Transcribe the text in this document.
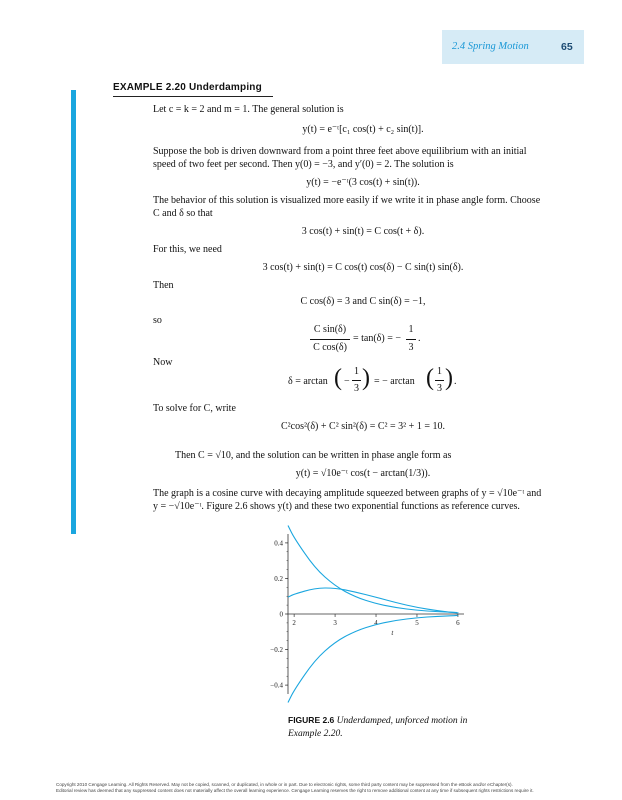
2.4 Spring Motion	65
EXAMPLE 2.20 Underdamping
Let c = k = 2 and m = 1. The general solution is
y(t) = e⁻ᵗ[c₁ cos(t) + c₂ sin(t)].
Suppose the bob is driven downward from a point three feet above equilibrium with an initial
speed of two feet per second. Then y(0) = −3, and y′(0) = 2. The solution is
y(t) = −e⁻ᵗ(3 cos(t) + sin(t)).
The behavior of this solution is visualized more easily if we write it in phase angle form. Choose
C and δ so that
3 cos(t) + sin(t) = C cos(t + δ).
For this, we need
3 cos(t) + sin(t) = C cos(t) cos(δ) − C sin(t) sin(δ).
Then
C cos(δ) = 3 and C sin(δ) = −1,
so
C sin(δ)
C cos(δ)
= tan(δ) = −
1
3
.
Now
δ = arctan ( −
1
3 ) = − arctan ( 1
3 ) .
To solve for C, write
C²cos²(δ) + C² sin²(δ) = C² = 3² + 1 = 10.
Then C = √10, and the solution can be written in phase angle form as
y(t) = √10e⁻ᵗ cos(t − arctan(1/3)).
The graph is a cosine curve with decaying amplitude squeezed between graphs of y = √10e⁻ᵗ and
y = −√10e⁻ᵗ. Figure 2.6 shows y(t) and these two exponential functions as reference curves.
0.4
0.2
0
−0.2
−0.4
2	3	4	5	6
t
FIGURE 2.6 Underdamped, unforced motion in Example 2.20.
Copyright 2010 Cengage Learning. All Rights Reserved. May not be copied, scanned, or duplicated, in whole or in part. Due to electronic rights, some third party content may be suppressed from the eBook and/or eChapter(s).
Editorial review has deemed that any suppressed content does not materially affect the overall learning experience. Cengage Learning reserves the right to remove additional content at any time if subsequent rights restrictions require it.
